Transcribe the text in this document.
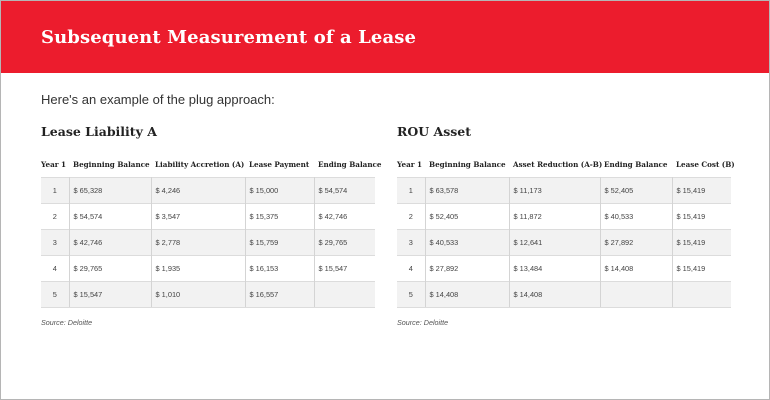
Subsequent Measurement of a Lease
Here's an example of the plug approach:
Lease Liability A
Year 1	Beginning Balance	Liability Accretion (A)	Lease Payment	Ending Balance
1	$ 65,328	$ 4,246	$ 15,000	$ 54,574
2	$ 54,574	$ 3,547	$ 15,375	$ 42,746
3	$ 42,746	$ 2,778	$ 15,759	$ 29,765
4	$ 29,765	$ 1,935	$ 16,153	$ 15,547
5	$ 15,547	$ 1,010	$ 16,557	
Source: Deloitte
ROU Asset
Year 1	Beginning Balance	Asset Reduction (A-B)	Ending Balance	Lease Cost (B)
1	$ 63,578	$ 11,173	$ 52,405	$ 15,419
2	$ 52,405	$ 11,872	$ 40,533	$ 15,419
3	$ 40,533	$ 12,641	$ 27,892	$ 15,419
4	$ 27,892	$ 13,484	$ 14,408	$ 15,419
5	$ 14,408	$ 14,408		
Source: Deloitte
